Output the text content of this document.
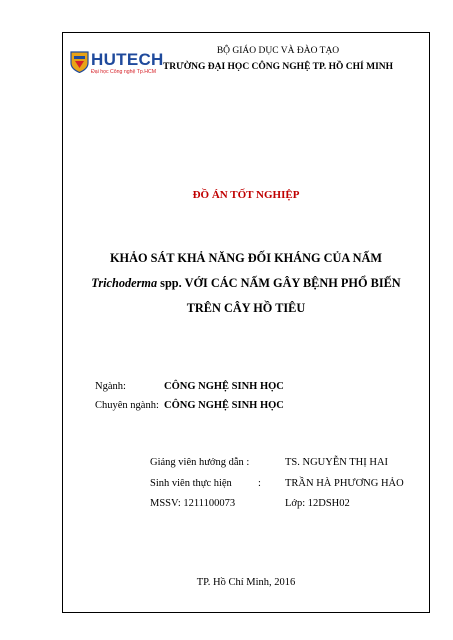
HUTECH
Đại học Công nghệ Tp.HCM
BỘ GIÁO DỤC VÀ ĐÀO TẠO
TRƯỜNG ĐẠI HỌC CÔNG NGHỆ TP. HỒ CHÍ MINH
ĐỒ ÁN TỐT NGHIỆP
KHẢO SÁT KHẢ NĂNG ĐỐI KHÁNG CỦA NẤM
Trichoderma spp. VỚI CÁC NẤM GÂY BỆNH PHỔ BIẾN
TRÊN CÂY HỒ TIÊU
Ngành:	CÔNG NGHỆ SINH HỌC
Chuyên ngành: CÔNG NGHỆ SINH HỌC
Giảng viên hướng dẫn :	TS. NGUYỄN THỊ HAI
Sinh viên thực hiện : TRẦN HÀ PHƯƠNG HẢO
MSSV: 1211100073	Lớp: 12DSH02
TP. Hồ Chí Minh, 2016
